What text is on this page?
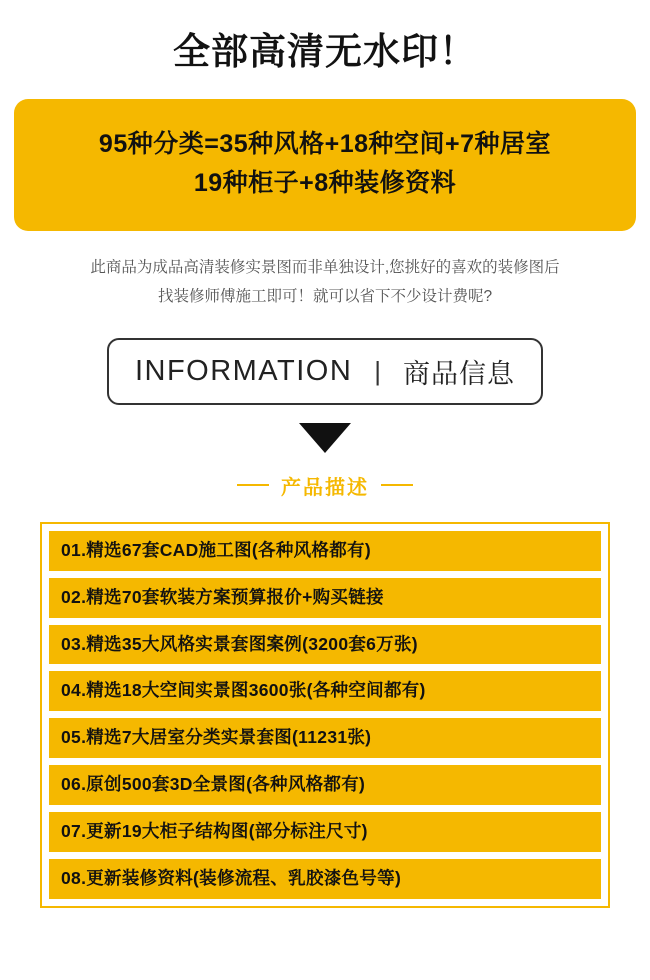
全部高清无水印！
95种分类=35种风格+18种空间+7种居室
19种柜子+8种装修资料
此商品为成品高清装修实景图而非单独设计,您挑好的喜欢的装修图后
找装修师傅施工即可！就可以省下不少设计费呢?
INFORMATION | 商品信息
产品描述
01.精选67套CAD施工图(各种风格都有)
02.精选70套软装方案预算报价+购买链接
03.精选35大风格实景套图案例(3200套6万张)
04.精选18大空间实景图3600张(各种空间都有)
05.精选7大居室分类实景套图(11231张)
06.原创500套3D全景图(各种风格都有)
07.更新19大柜子结构图(部分标注尺寸)
08.更新装修资料(装修流程、乳胶漆色号等)
